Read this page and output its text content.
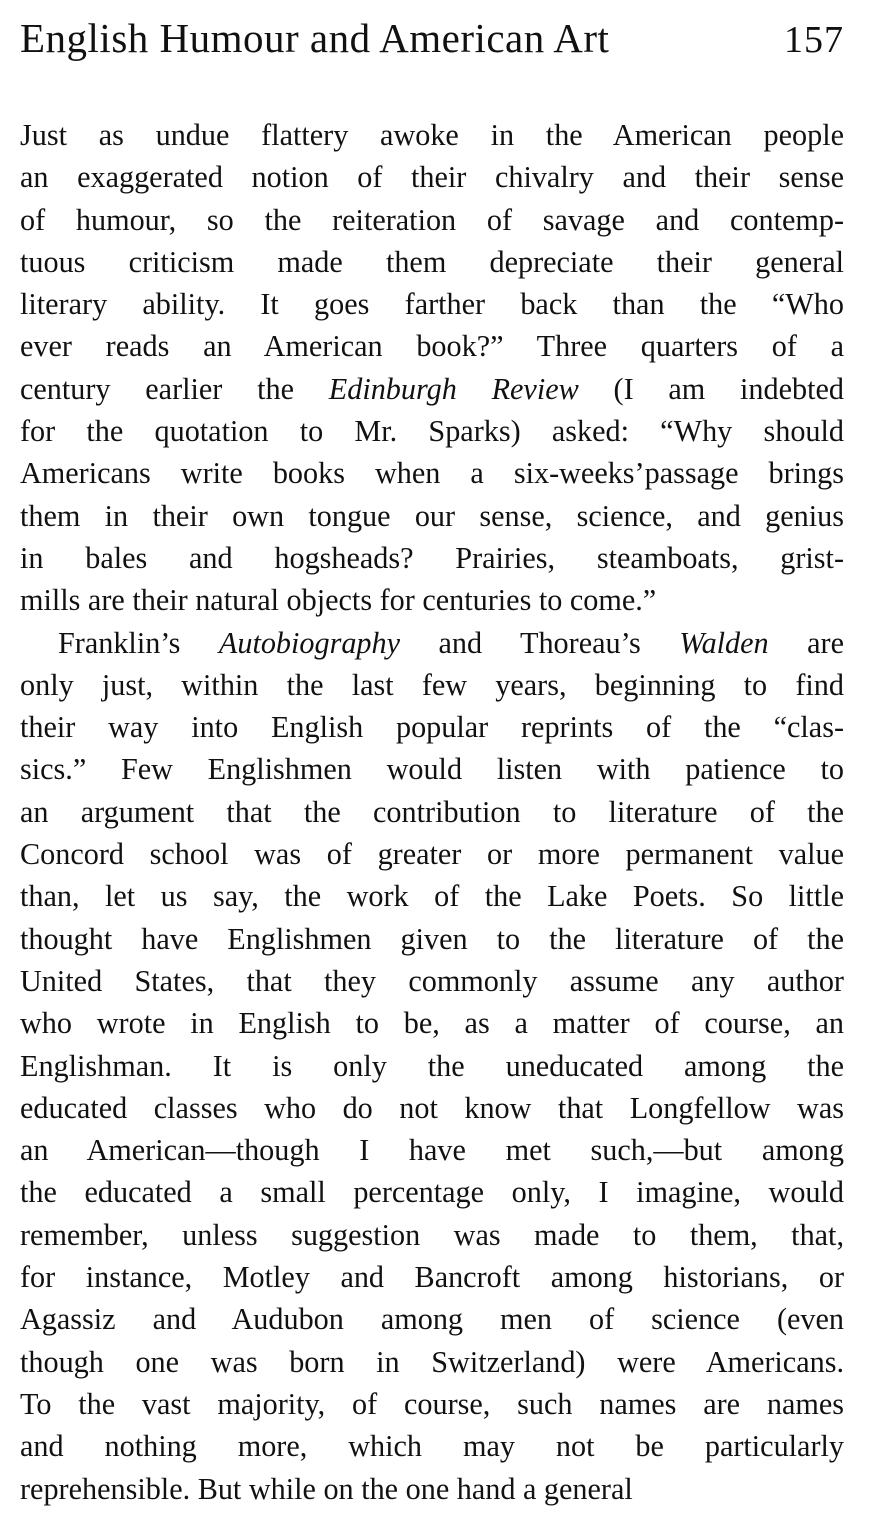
English Humour and American Art	157
Just as undue flattery awoke in the American people
an exaggerated notion of their chivalry and their sense
of humour, so the reiteration of savage and contemp-
tuous criticism made them depreciate their general
literary ability. It goes farther back than the “Who
ever reads an American book?” Three quarters of a
century earlier the Edinburgh Review (I am indebted
for the quotation to Mr. Sparks) asked: “Why should
Americans write books when a six-weeks’passage brings
them in their own tongue our sense, science, and genius
in bales and hogsheads? Prairies, steamboats, grist-
mills are their natural objects for centuries to come.”
Franklin’s Autobiography and Thoreau’s Walden are
only just, within the last few years, beginning to find
their way into English popular reprints of the “clas-
sics.” Few Englishmen would listen with patience to
an argument that the contribution to literature of the
Concord school was of greater or more permanent value
than, let us say, the work of the Lake Poets. So little
thought have Englishmen given to the literature of the
United States, that they commonly assume any author
who wrote in English to be, as a matter of course, an
Englishman. It is only the uneducated among the
educated classes who do not know that Longfellow was
an American—though I have met such,—but among
the educated a small percentage only, I imagine, would
remember, unless suggestion was made to them, that,
for instance, Motley and Bancroft among historians, or
Agassiz and Audubon among men of science (even
though one was born in Switzerland) were Americans.
To the vast majority, of course, such names are names
and nothing more, which may not be particularly
reprehensible. But while on the one hand a general
